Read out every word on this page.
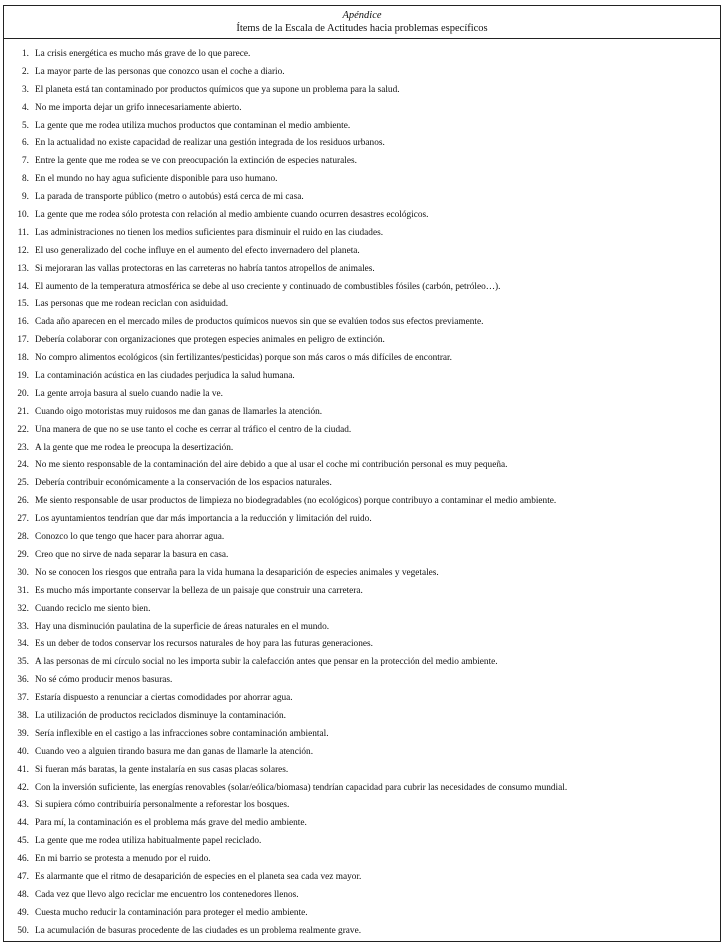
Apéndice
Ítems de la Escala de Actitudes hacia problemas específicos
1. La crisis energética es mucho más grave de lo que parece.
2. La mayor parte de las personas que conozco usan el coche a diario.
3. El planeta está tan contaminado por productos químicos que ya supone un problema para la salud.
4. No me importa dejar un grifo innecesariamente abierto.
5. La gente que me rodea utiliza muchos productos que contaminan el medio ambiente.
6. En la actualidad no existe capacidad de realizar una gestión integrada de los residuos urbanos.
7. Entre la gente que me rodea se ve con preocupación la extinción de especies naturales.
8. En el mundo no hay agua suficiente disponible para uso humano.
9. La parada de transporte público (metro o autobús) está cerca de mi casa.
10. La gente que me rodea sólo protesta con relación al medio ambiente cuando ocurren desastres ecológicos.
11. Las administraciones no tienen los medios suficientes para disminuir el ruido en las ciudades.
12. El uso generalizado del coche influye en el aumento del efecto invernadero del planeta.
13. Si mejoraran las vallas protectoras en las carreteras no habría tantos atropellos de animales.
14. El aumento de la temperatura atmosférica se debe al uso creciente y continuado de combustibles fósiles (carbón, petróleo…).
15. Las personas que me rodean reciclan con asiduidad.
16. Cada año aparecen en el mercado miles de productos químicos nuevos sin que se evalúen todos sus efectos previamente.
17. Debería colaborar con organizaciones que protegen especies animales en peligro de extinción.
18. No compro alimentos ecológicos (sin fertilizantes/pesticidas) porque son más caros o más difíciles de encontrar.
19. La contaminación acústica en las ciudades perjudica la salud humana.
20. La gente arroja basura al suelo cuando nadie la ve.
21. Cuando oigo motoristas muy ruidosos me dan ganas de llamarles la atención.
22. Una manera de que no se use tanto el coche es cerrar al tráfico el centro de la ciudad.
23. A la gente que me rodea le preocupa la desertización.
24. No me siento responsable de la contaminación del aire debido a que al usar el coche mi contribución personal es muy pequeña.
25. Debería contribuir económicamente a la conservación de los espacios naturales.
26. Me siento responsable de usar productos de limpieza no biodegradables (no ecológicos) porque contribuyo a contaminar el medio ambiente.
27. Los ayuntamientos tendrían que dar más importancia a la reducción y limitación del ruido.
28. Conozco lo que tengo que hacer para ahorrar agua.
29. Creo que no sirve de nada separar la basura en casa.
30. No se conocen los riesgos que entraña para la vida humana la desaparición de especies animales y vegetales.
31. Es mucho más importante conservar la belleza de un paisaje que construir una carretera.
32. Cuando reciclo me siento bien.
33. Hay una disminución paulatina de la superficie de áreas naturales en el mundo.
34. Es un deber de todos conservar los recursos naturales de hoy para las futuras generaciones.
35. A las personas de mi círculo social no les importa subir la calefacción antes que pensar en la protección del medio ambiente.
36. No sé cómo producir menos basuras.
37. Estaría dispuesto a renunciar a ciertas comodidades por ahorrar agua.
38. La utilización de productos reciclados disminuye la contaminación.
39. Sería inflexible en el castigo a las infracciones sobre contaminación ambiental.
40. Cuando veo a alguien tirando basura me dan ganas de llamarle la atención.
41. Si fueran más baratas, la gente instalaría en sus casas placas solares.
42. Con la inversión suficiente, las energías renovables (solar/eólica/biomasa) tendrían capacidad para cubrir las necesidades de consumo mundial.
43. Si supiera cómo contribuiría personalmente a reforestar los bosques.
44. Para mí, la contaminación es el problema más grave del medio ambiente.
45. La gente que me rodea utiliza habitualmente papel reciclado.
46. En mi barrio se protesta a menudo por el ruido.
47. Es alarmante que el ritmo de desaparición de especies en el planeta sea cada vez mayor.
48. Cada vez que llevo algo reciclar me encuentro los contenedores llenos.
49. Cuesta mucho reducir la contaminación para proteger el medio ambiente.
50. La acumulación de basuras procedente de las ciudades es un problema realmente grave.
